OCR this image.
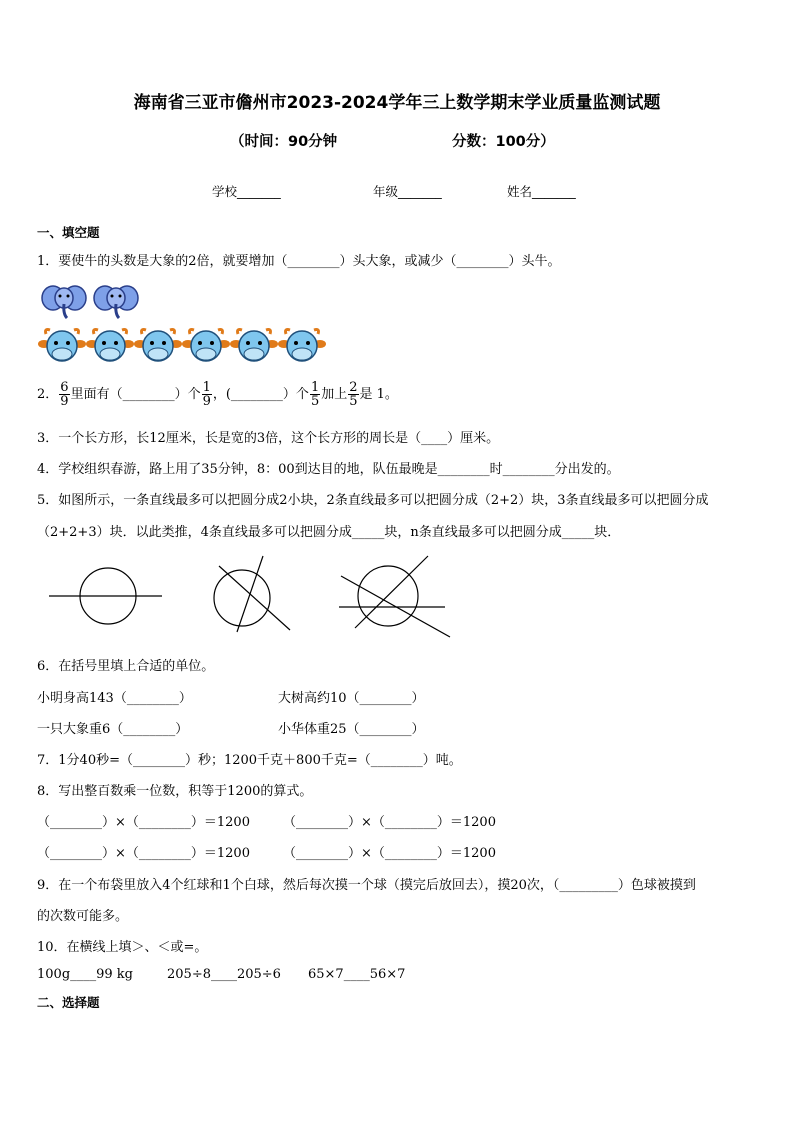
海南省三亚市儋州市2023-2024学年三上数学期末学业质量监测试题
（时间：90分钟	分数：100分）
学校_______	年级_______	姓名_______
一、填空题
1．要使牛的头数是大象的2倍，就要增加（________）头大象，或减少（________）头牛。
2． $\frac{6}{9}$ 里面有（________）个 $\frac{1}{9}$ ，(________）个 $\frac{1}{5}$ 加上 $\frac{2}{5}$ 是 1。
3．一个长方形，长12厘米，长是宽的3倍，这个长方形的周长是（____）厘米。
4．学校组织春游，路上用了35分钟，8：00到达目的地，队伍最晚是________时________分出发的。
5．如图所示，一条直线最多可以把圆分成2小块，2条直线最多可以把圆分成（2+2）块，3条直线最多可以把圆分成
（2+2+3）块．以此类推，4条直线最多可以把圆分成_____块，n条直线最多可以把圆分成_____块．
6．在括号里填上合适的单位。
小明身高143（________）	大树高约10（________）
一只大象重6（________）	小华体重25（________）
7．1分40秒=（________）秒；1200千克＋800千克=（________）吨。
8．写出整百数乘一位数，积等于1200的算式。
（________）×（________）＝1200	（________）×（________）＝1200
（________）×（________）＝1200	（________）×（________）＝1200
9．在一个布袋里放入4个红球和1个白球，然后每次摸一个球（摸完后放回去），摸20次，（_________）色球被摸到
的次数可能多。
10．在横线上填＞、＜或=。
100g____99 kg	205÷8____205÷6 65×7____56×7
二、选择题
